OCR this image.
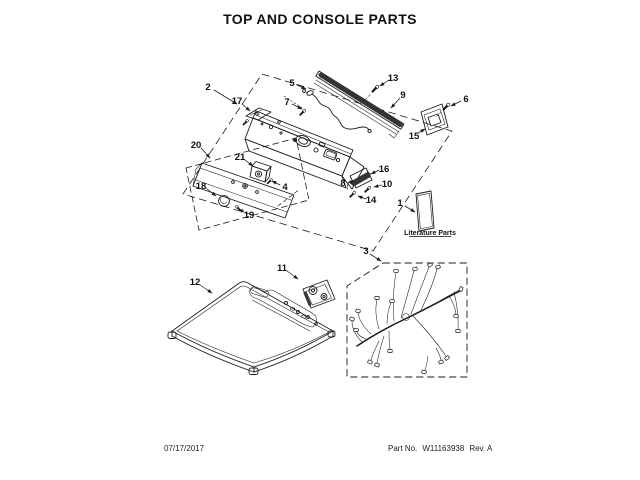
TOP AND CONSOLE PARTS
1
2
3
4
5
6
7
8
9
10
11
12
13
14
15
16
17
18
19
20
21
Literature Parts
07/17/2017	Part No. W11163938 Rev. A
